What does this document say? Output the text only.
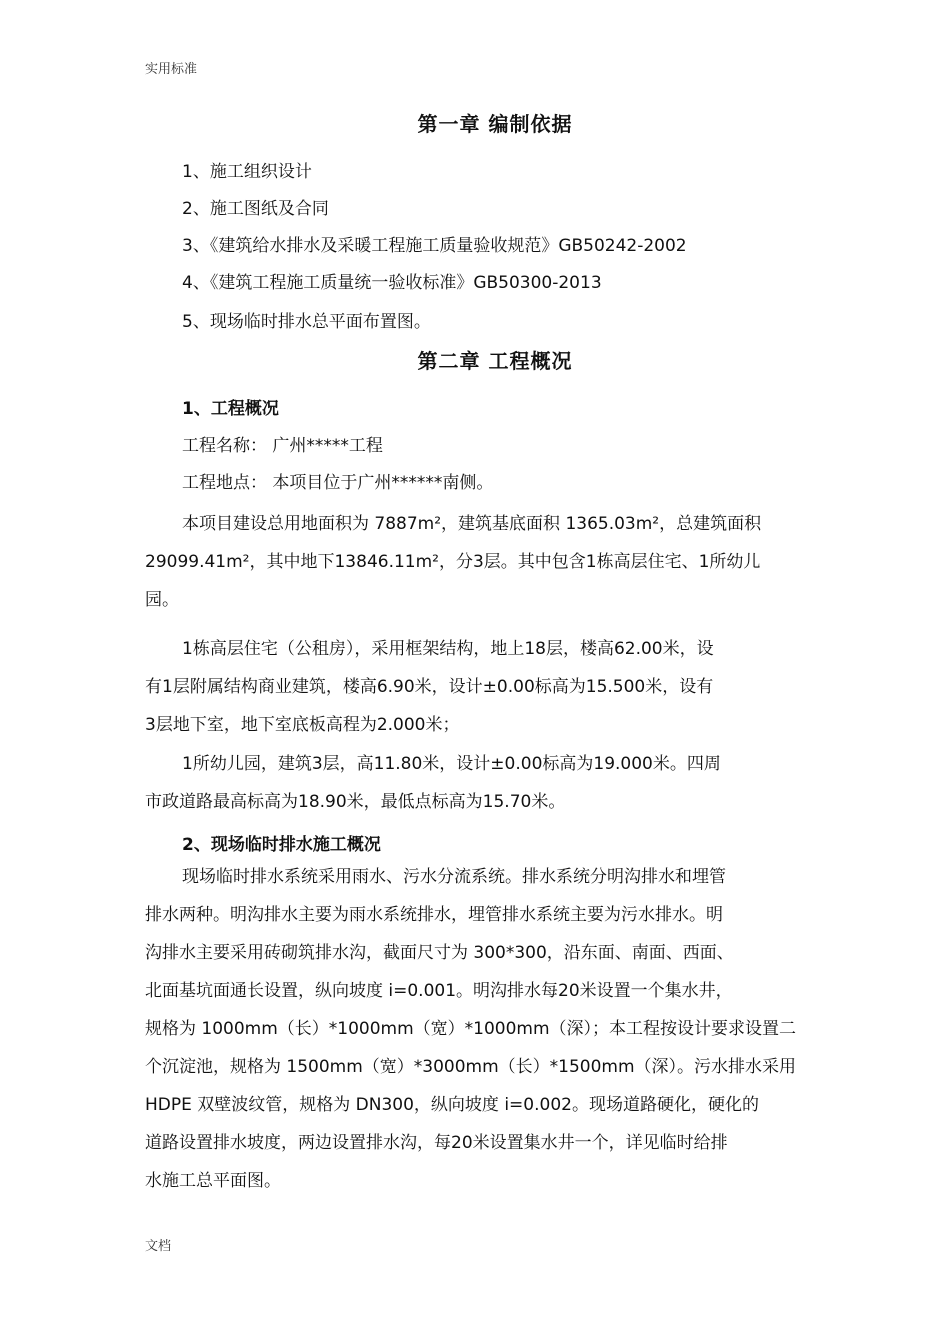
实用标准
第一章 编制依据
1、施工组织设计
2、施工图纸及合同
3、《建筑给水排水及采暖工程施工质量验收规范》GB50242-2002
4、《建筑工程施工质量统一验收标准》GB50300-2013
5、现场临时排水总平面布置图。
第二章 工程概况
1、工程概况
工程名称： 广州*****工程
工程地点： 本项目位于广州******南侧。
本项目建设总用地面积为 7887m²，建筑基底面积 1365.03m²，总建筑面积
29099.41m²，其中地下13846.11m²，分3层。其中包含1栋高层住宅、1所幼儿
园。
1栋高层住宅（公租房），采用框架结构，地上18层，楼高62.00米，设
有1层附属结构商业建筑，楼高6.90米，设计±0.00标高为15.500米，设有
3层地下室，地下室底板高程为2.000米；
1所幼儿园，建筑3层，高11.80米，设计±0.00标高为19.000米。四周
市政道路最高标高为18.90米，最低点标高为15.70米。
2、现场临时排水施工概况
现场临时排水系统采用雨水、污水分流系统。排水系统分明沟排水和埋管
排水两种。明沟排水主要为雨水系统排水，埋管排水系统主要为污水排水。明
沟排水主要采用砖砌筑排水沟，截面尺寸为 300*300，沿东面、南面、西面、
北面基坑面通长设置，纵向坡度 i=0.001。明沟排水每20米设置一个集水井，
规格为 1000mm（长）*1000mm（宽）*1000mm（深）；本工程按设计要求设置二
个沉淀池，规格为 1500mm（宽）*3000mm（长）*1500mm（深）。污水排水采用
HDPE 双壁波纹管，规格为 DN300，纵向坡度 i=0.002。现场道路硬化，硬化的
道路设置排水坡度，两边设置排水沟，每20米设置集水井一个，详见临时给排
水施工总平面图。
文档
